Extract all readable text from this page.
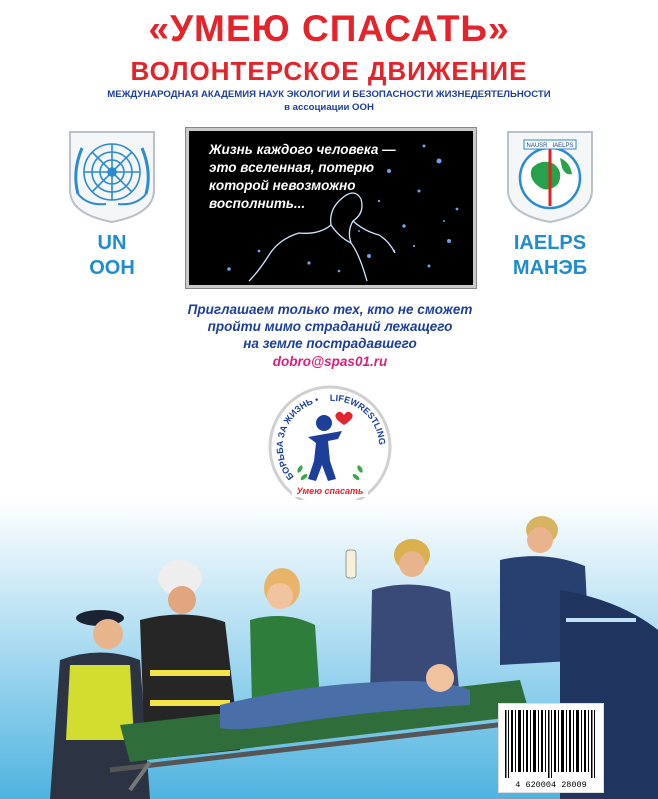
«УМЕЮ СПАСАТЬ»
ВОЛОНТЕРСКОЕ ДВИЖЕНИЕ
МЕЖДУНАРОДНАЯ АКАДЕМИЯ НАУК ЭКОЛОГИИ И БЕЗОПАСНОСТИ ЖИЗНЕДЕЯТЕЛЬНОСТИ
в ассоциации ООН
UN
ООН
NAUSR IAELPS
IAELPS
МАНЭБ
Жизнь каждого человека —
это вселенная, потерю
которой невозможно
восполнить...
Приглашаем только тех, кто не сможет
пройти мимо страданий лежащего
на земле пострадавшего
dobro@spas01.ru
БОРЬБА ЗА ЖИЗНЬ • LIFEWRESTLING
Умею спасать
4 620004 28009
